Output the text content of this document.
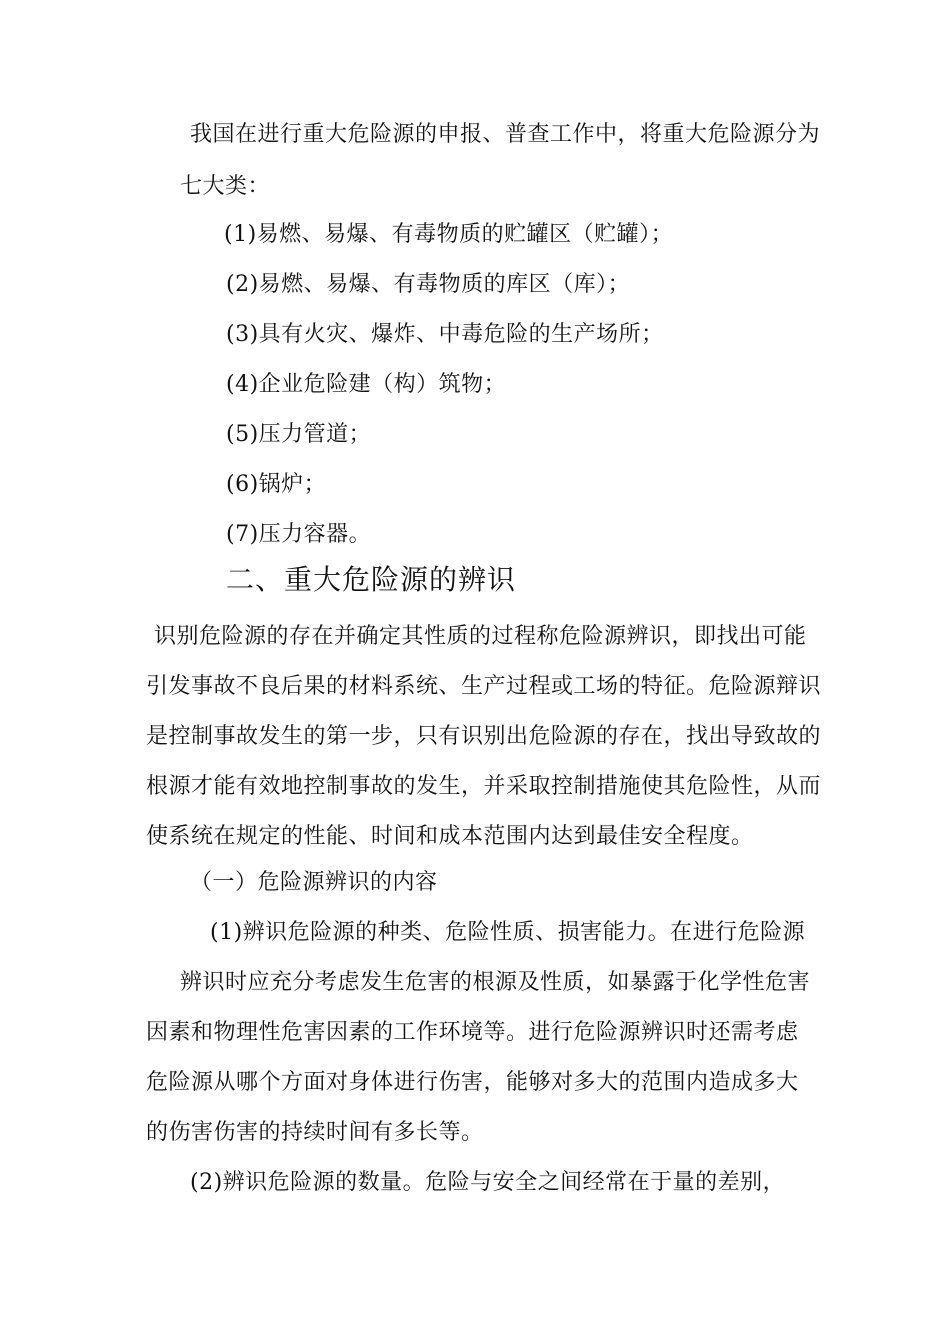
我国在进行重大危险源的申报、普查工作中，将重大危险源分为
七大类：
(1)易燃、易爆、有毒物质的贮罐区（贮罐）；
(2)易燃、易爆、有毒物质的库区（库）；
(3)具有火灾、爆炸、中毒危险的生产场所；
(4)企业危险建（构）筑物；
(5)压力管道；
(6)锅炉；
(7)压力容器。
二、重大危险源的辨识
识别危险源的存在并确定其性质的过程称危险源辨识，即找出可能
引发事故不良后果的材料系统、生产过程或工场的特征。危险源辩识
是控制事故发生的第一步，只有识别出危险源的存在，找出导致故的
根源才能有效地控制事故的发生，并采取控制措施使其危险性，从而
使系统在规定的性能、时间和成本范围内达到最佳安全程度。
（一）危险源辨识的内容
(1)辨识危险源的种类、危险性质、损害能力。在进行危险源
辨识时应充分考虑发生危害的根源及性质，如暴露于化学性危害
因素和物理性危害因素的工作环境等。进行危险源辨识时还需考虑
危险源从哪个方面对身体进行伤害，能够对多大的范围内造成多大
的伤害伤害的持续时间有多长等。
(2)辨识危险源的数量。危险与安全之间经常在于量的差别，
